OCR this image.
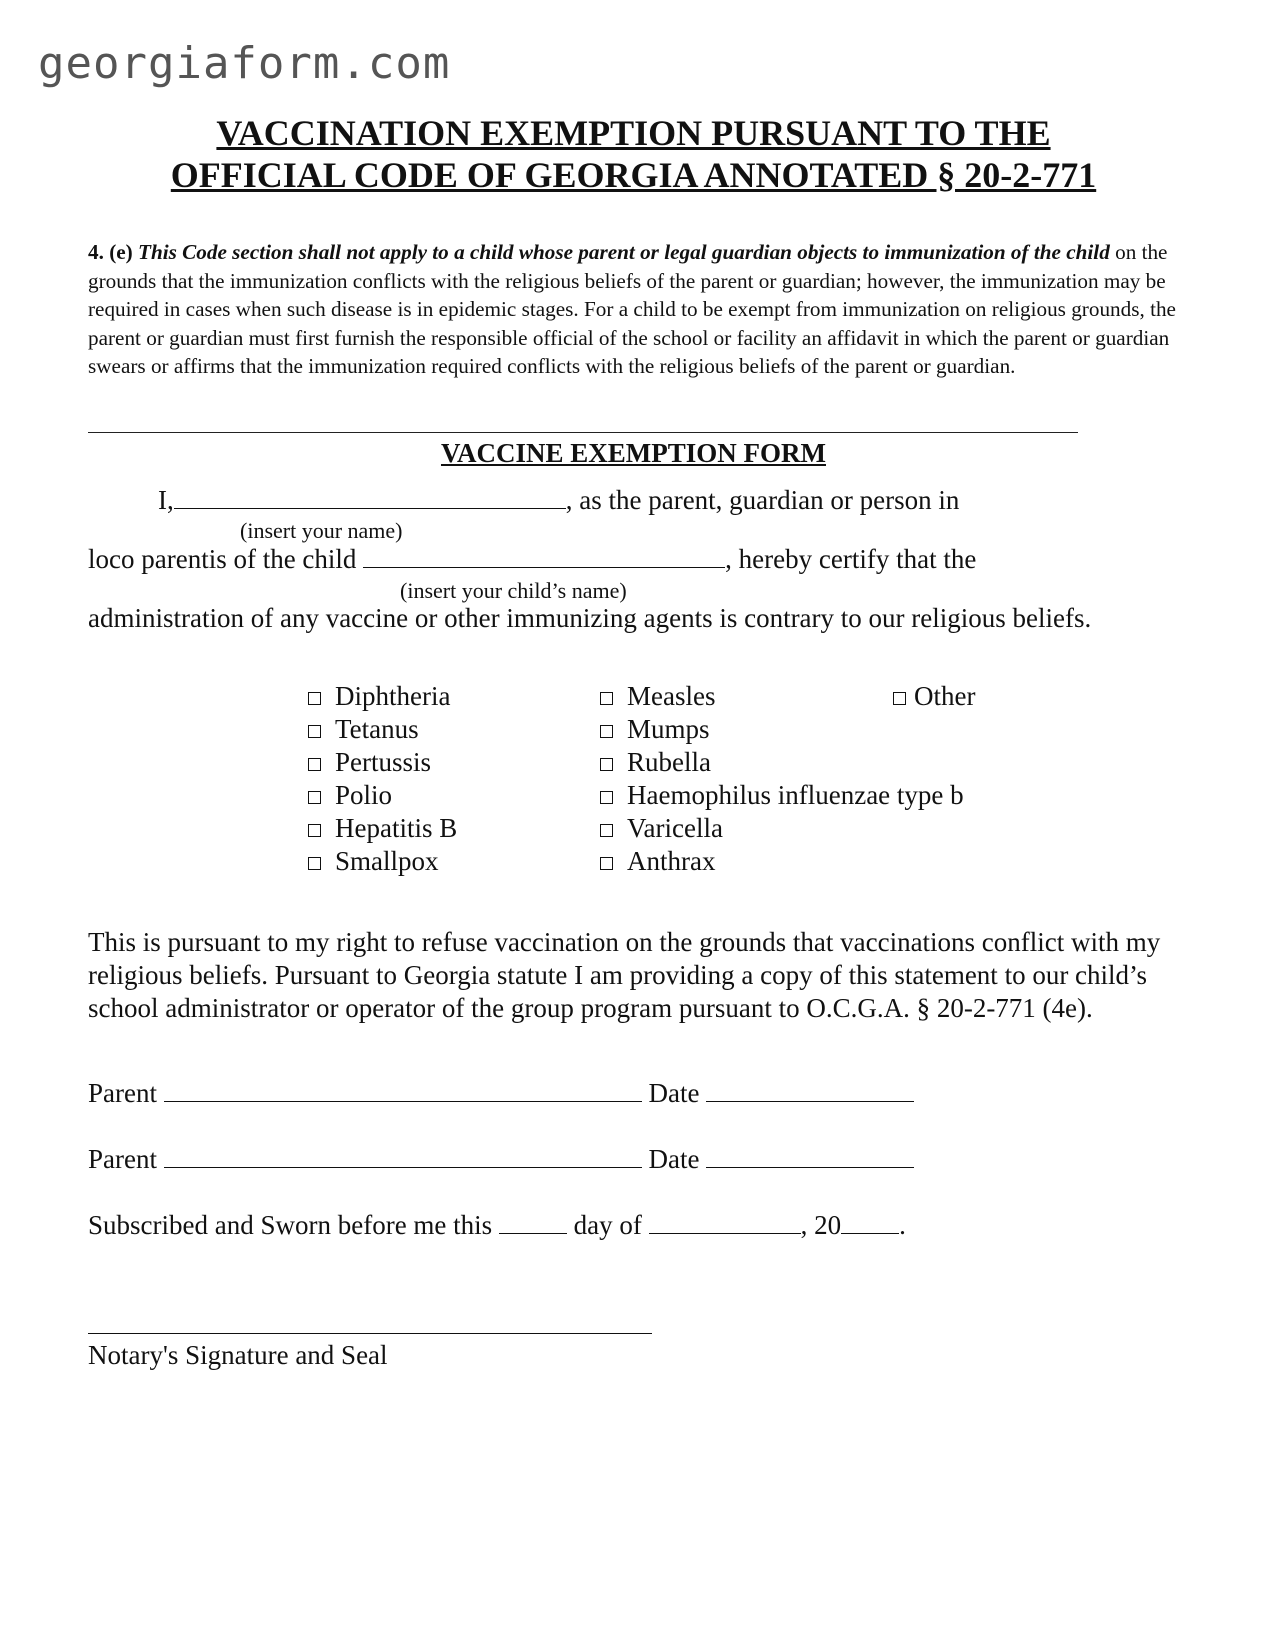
georgiaform.com
VACCINATION EXEMPTION PURSUANT TO THE
OFFICIAL CODE OF GEORGIA ANNOTATED § 20-2-771
4. (e) This Code section shall not apply to a child whose parent or legal guardian objects to immunization of the child on the grounds that the immunization conflicts with the religious beliefs of the parent or guardian; however, the immunization may be required in cases when such disease is in epidemic stages. For a child to be exempt from immunization on religious grounds, the parent or guardian must first furnish the responsible official of the school or facility an affidavit in which the parent or guardian swears or affirms that the immunization required conflicts with the religious beliefs of the parent or guardian.
VACCINE EXEMPTION FORM
I,	, as the parent, guardian or person in
(insert your name)
loco parentis of the child	, hereby certify that the
(insert your child’s name)
administration of any vaccine or other immunizing agents is contrary to our religious beliefs.
Diphtheria
Tetanus
Pertussis
Polio
Hepatitis B
Smallpox
Measles
Mumps
Rubella
Haemophilus influenzae type b
Varicella
Anthrax
Other
This is pursuant to my right to refuse vaccination on the grounds that vaccinations conflict with my religious beliefs. Pursuant to Georgia statute I am providing a copy of this statement to our child’s school administrator or operator of the group program pursuant to O.C.G.A. § 20-2-771 (4e).
Parent	Date
Parent	Date
Subscribed and Sworn before me this	day of	, 20 .
Notary's Signature and Seal
